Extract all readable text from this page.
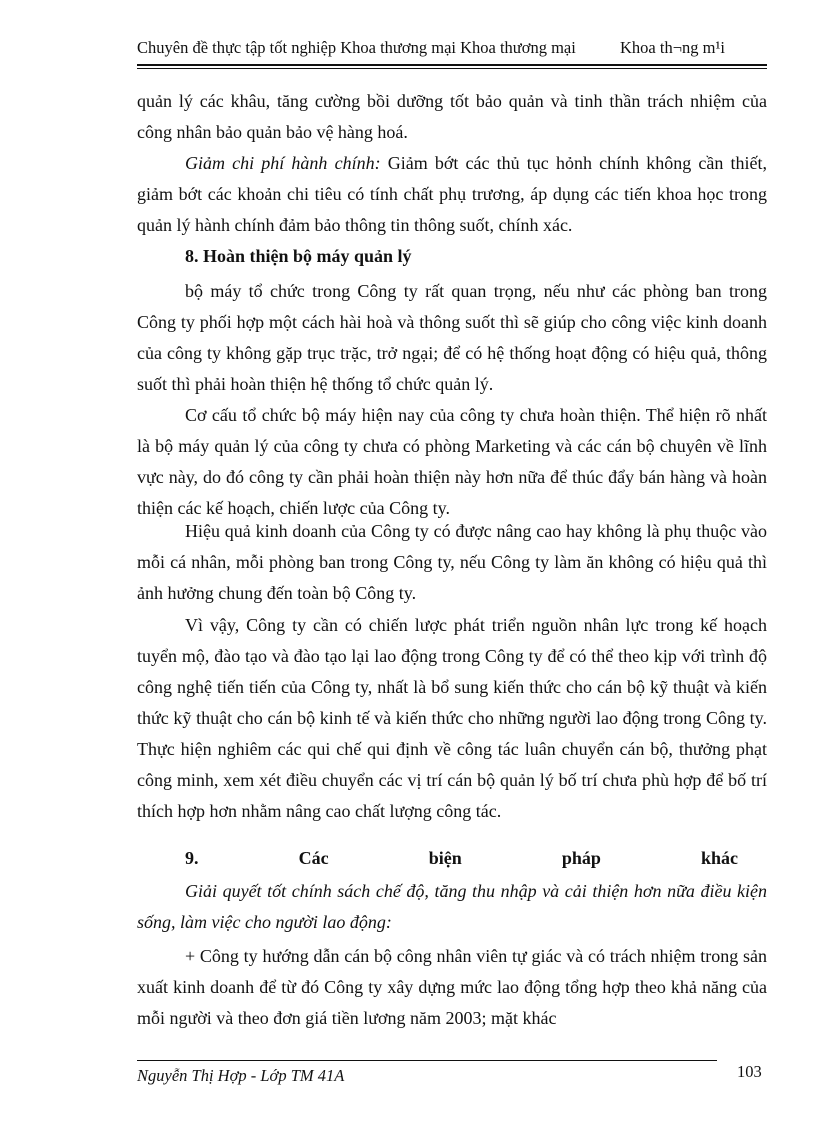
Chuyên đề thực tập tốt nghiệp Khoa thương mại Khoa thương mại	Khoa th¬ng m¹i
quản lý các khâu, tăng cường bồi dưỡng tốt bảo quản và tinh thần trách nhiệm của công nhân bảo quản bảo vệ hàng hoá.
Giảm chi phí hành chính: Giảm bớt các thủ tục hỏnh chính không cần thiết, giảm bớt các khoản chi tiêu có tính chất phụ trương, áp dụng các tiến khoa học trong quản lý hành chính đảm bảo thông tin thông suốt, chính xác.
8. Hoàn thiện bộ máy quản lý
bộ máy tổ chức trong Công ty rất quan trọng, nếu như các phòng ban trong Công ty phối hợp một cách hài hoà và thông suốt thì sẽ giúp cho công việc kinh doanh của công ty không gặp trục trặc, trở ngại; để có hệ thống hoạt động có hiệu quả, thông suốt thì phải hoàn thiện hệ thống tổ chức quản lý.
Cơ cấu tổ chức bộ máy hiện nay của công ty chưa hoàn thiện. Thể hiện rõ nhất là bộ máy quản lý của công ty chưa có phòng Marketing và các cán bộ chuyên về lĩnh vực này, do đó công ty cần phải hoàn thiện này hơn nữa để thúc đẩy bán hàng và hoàn thiện các kế hoạch, chiến lược của Công ty.
Hiệu quả kinh doanh của Công ty có được nâng cao hay không là phụ thuộc vào mỗi cá nhân, mỗi phòng ban trong Công ty, nếu Công ty làm ăn không có hiệu quả thì ảnh hưởng chung đến toàn bộ Công ty.
Vì vậy, Công ty cần có chiến lược phát triển nguồn nhân lực trong kế hoạch tuyển mộ, đào tạo và đào tạo lại lao động trong Công ty để có thể theo kịp với trình độ công nghệ tiến tiến của Công ty, nhất là bổ sung kiến thức cho cán bộ kỹ thuật và kiến thức kỹ thuật cho cán bộ kinh tế và kiến thức cho những người lao động trong Công ty. Thực hiện nghiêm các qui chế qui định về công tác luân chuyển cán bộ, thưởng phạt công minh, xem xét điều chuyển các vị trí cán bộ quản lý bố trí chưa phù hợp để bố trí thích hợp hơn nhằm nâng cao chất lượng công tác.
9. Các biện pháp khác
Giải quyết tốt chính sách chế độ, tăng thu nhập và cải thiện hơn nữa điều kiện sống, làm việc cho người lao động:
+ Công ty hướng dẫn cán bộ công nhân viên tự giác và có trách nhiệm trong sản xuất kinh doanh để từ đó Công ty xây dựng mức lao động tổng hợp theo khả năng của mỗi người và theo đơn giá tiền lương năm 2003; mặt khác
Nguyễn Thị Hợp - Lớp TM 41A	103
